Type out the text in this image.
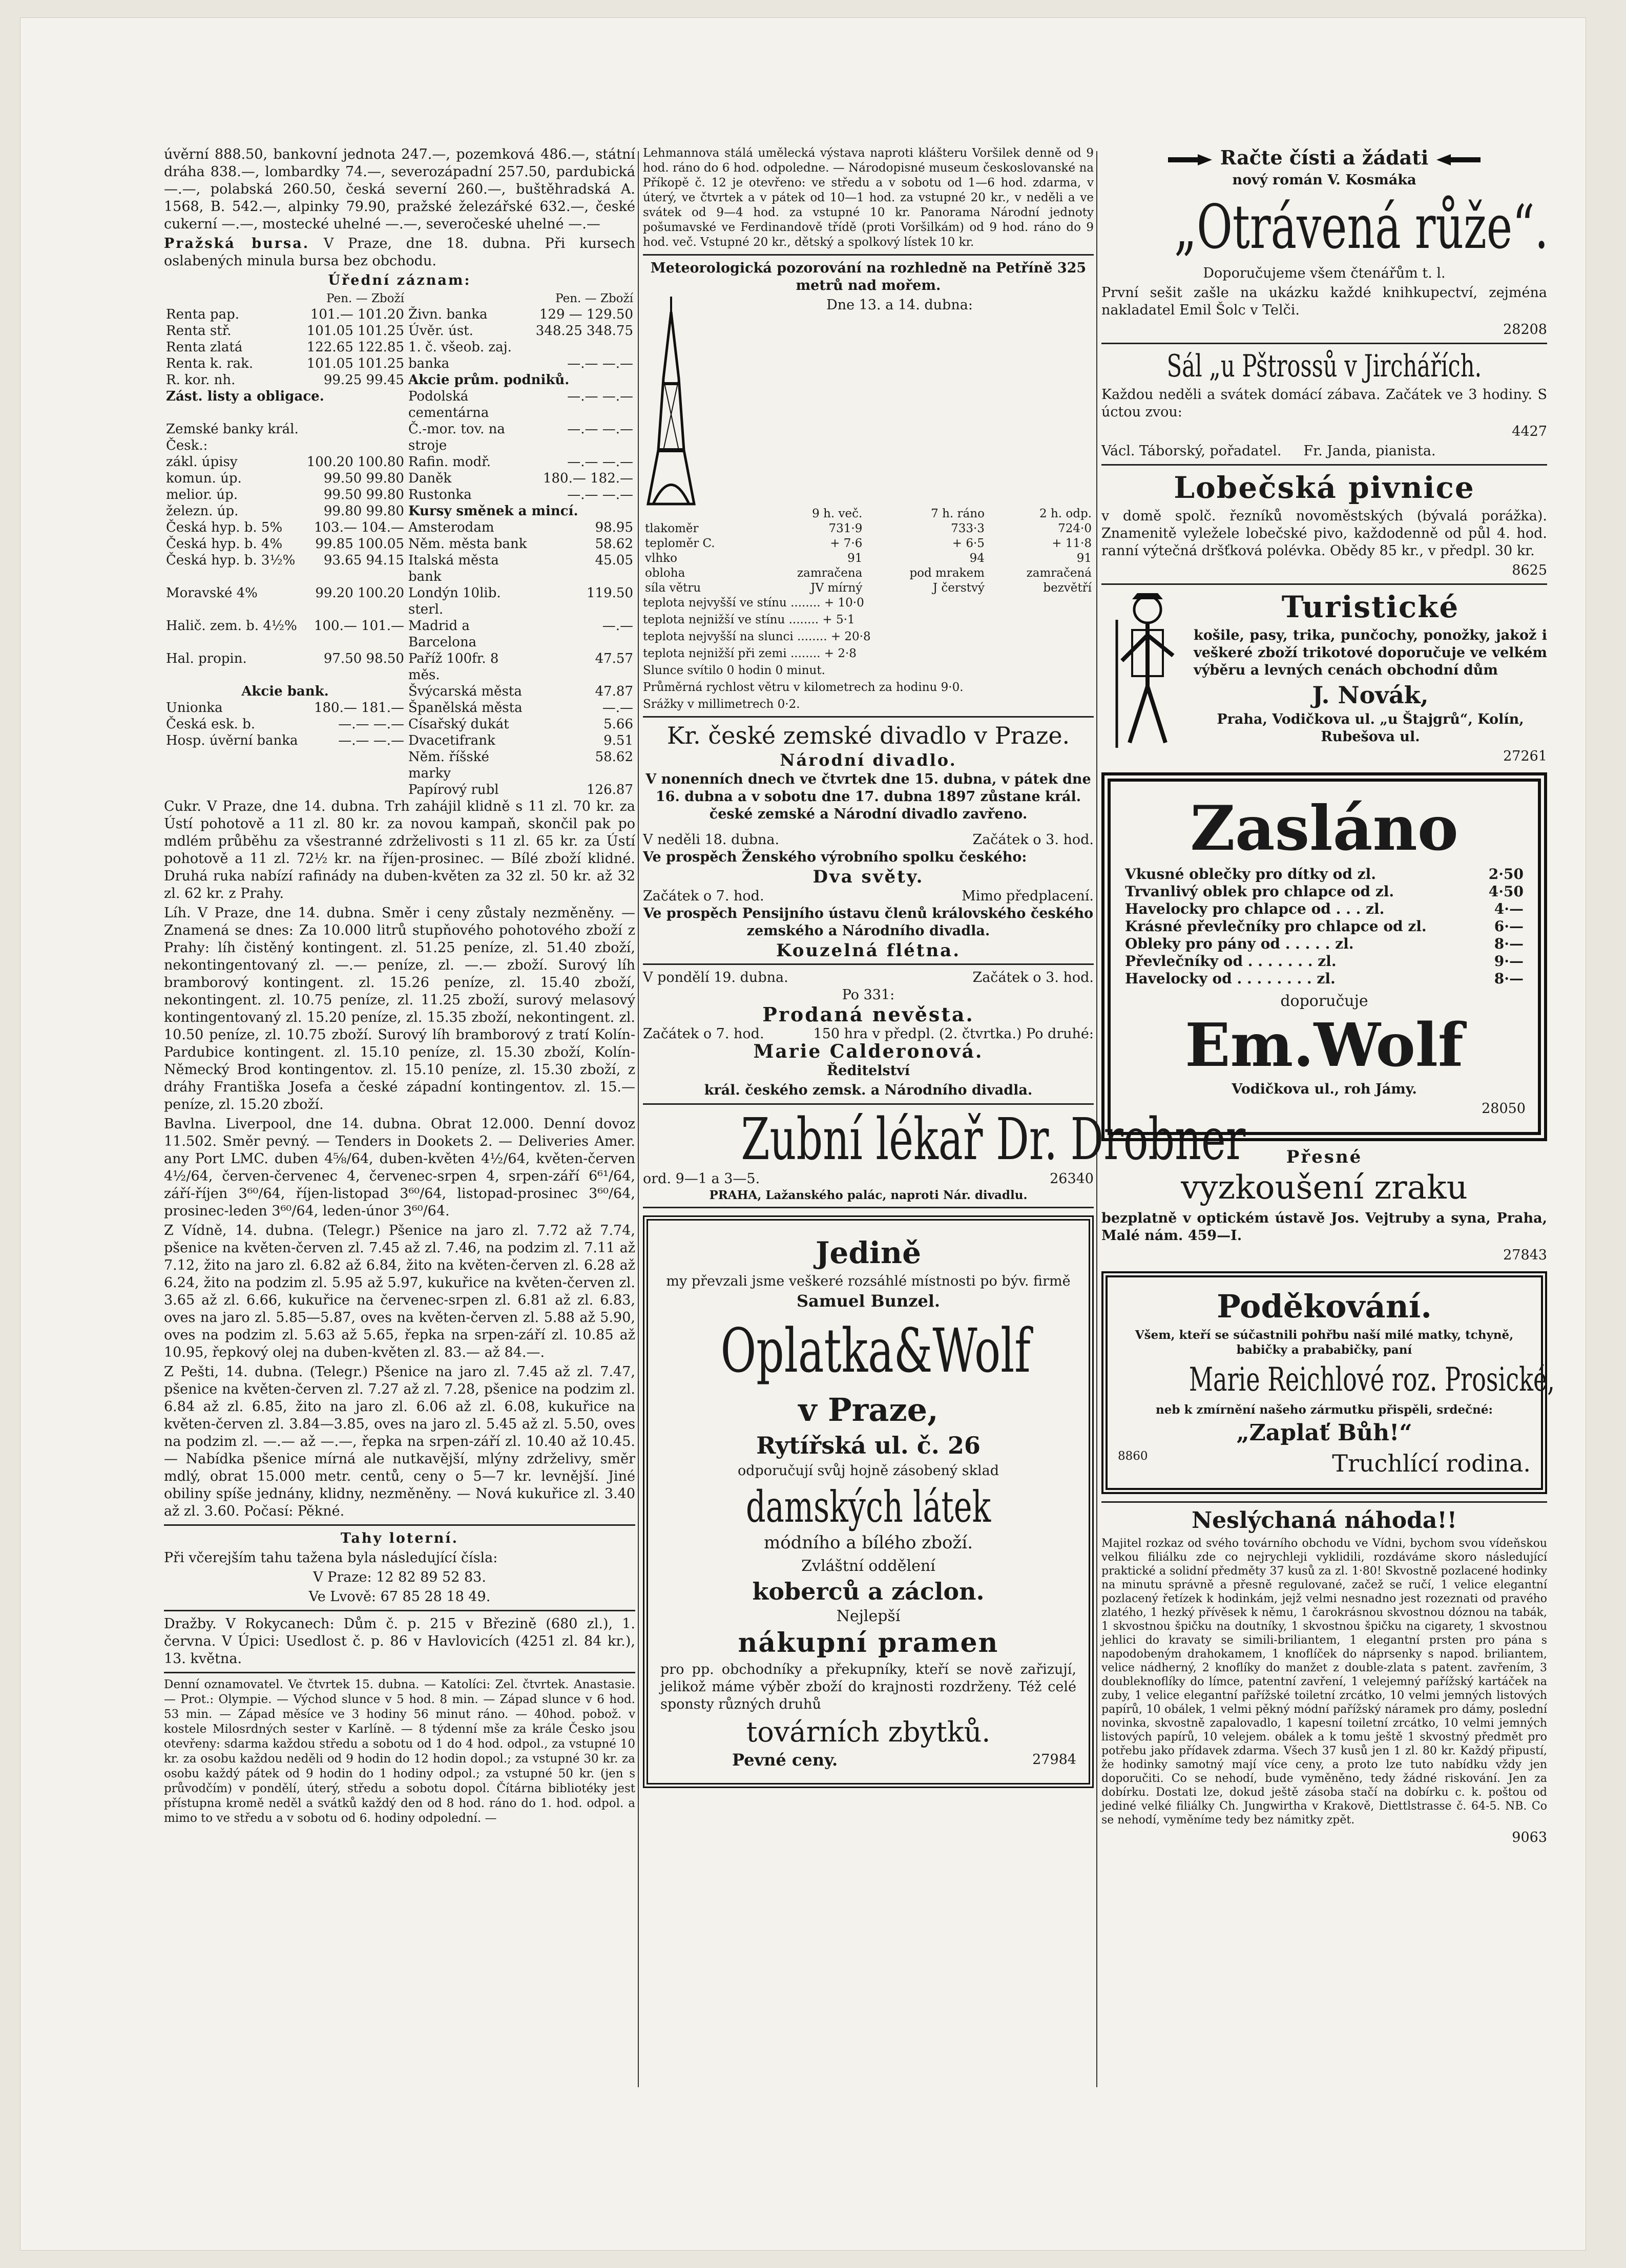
úvěrní 888.50, bankovní jednota 247.—, pozemková 486.—, státní dráha 838.—, lombardky 74.—, severozápadní 257.50, pardubická —.—, polabská 260.50, česká severní 260.—, buštěhradská A. 1568, B. 542.—, alpinky 79.90, pražské železářské 632.—, české cukerní —.—, mostecké uhelné —.—, severočeské uhelné —.—

Pražská bursa. V Praze, dne 18. dubna. Při kursech oslabených minula bursa bez obchodu.

Úřední záznam:

	Pen. — Zboží		Pen. — Zboží
Renta pap.	101.— 101.20	Živn. banka	129 — 129.50
Renta stř.	101.05 101.25	Úvěr. úst.	348.25 348.75
Renta zlatá	122.65 122.85	1. č. všeob. zaj.	
Renta k. rak.	101.05 101.25	banka	—.— —.—
R. kor. nh.	99.25 99.45	Akcie prům. podniků.	
Zást. listy a obligace.		Podolská cementárna	—.— —.—
Zemské banky král. Česk.:		Č.-mor. tov. na stroje	—.— —.—
zákl. úpisy	100.20 100.80	Rafin. modř.	—.— —.—
komun. úp.	99.50 99.80	Daněk	180.— 182.—
melior. úp.	99.50 99.80	Rustonka	—.— —.—
železn. úp.	99.80 99.80	Kursy směnek a mincí.	
Česká hyp. b. 5%	103.— 104.—	Amsterodam	98.95
Česká hyp. b. 4%	99.85 100.05	Něm. města bank	58.62
Česká hyp. b. 3½%	93.65 94.15	Italská města bank	45.05
Moravské 4%	99.20 100.20	Londýn 10lib. sterl.	119.50
Halič. zem. b. 4½%	100.— 101.—	Madrid a Barcelona	—.—
Hal. propin.	97.50 98.50	Paříž 100fr. 8 měs.	47.57
Akcie bank.		Švýcarská města	47.87
Unionka	180.— 181.—	Španělská města	—.—
Česká esk. b.	—.— —.—	Císařský dukát	5.66
Hosp. úvěrní banka	—.— —.—	Dvacetifrank	9.51
		Něm. říšské marky	58.62
		Papírový rubl	126.87

Cukr. V Praze, dne 14. dubna. Trh zahájil klidně s 11 zl. 70 kr. za Ústí pohotově a 11 zl. 80 kr. za novou kampaň, skončil pak po mdlém průběhu za všestranné zdrželivosti s 11 zl. 65 kr. za Ústí pohotově a 11 zl. 72½ kr. na říjen-prosinec. — Bílé zboží klidné. Druhá ruka nabízí rafinády na duben-květen za 32 zl. 50 kr. až 32 zl. 62 kr. z Prahy.

Líh. V Praze, dne 14. dubna. Směr i ceny zůstaly nezměněny. — Znamená se dnes: Za 10.000 litrů stupňového pohotového zboží z Prahy: líh čistěný kontingent. zl. 51.25 peníze, zl. 51.40 zboží, nekontingentovaný zl. —.— peníze, zl. —.— zboží. Surový líh bramborový kontingent. zl. 15.26 peníze, zl. 15.40 zboží, nekontingent. zl. 10.75 peníze, zl. 11.25 zboží, surový melasový kontingentovaný zl. 15.20 peníze, zl. 15.35 zboží, nekontingent. zl. 10.50 peníze, zl. 10.75 zboží. Surový líh bramborový z tratí Kolín-Pardubice kontingent. zl. 15.10 peníze, zl. 15.30 zboží, Kolín-Německý Brod kontingentov. zl. 15.10 peníze, zl. 15.30 zboží, z dráhy Františka Josefa a české západní kontingentov. zl. 15.— peníze, zl. 15.20 zboží.

Bavlna. Liverpool, dne 14. dubna. Obrat 12.000. Denní dovoz 11.502. Směr pevný. — Tenders in Dookets 2. — Deliveries Amer. any Port LMC. duben 4⅝/64, duben-květen 4½/64, květen-červen 4½/64, červen-červenec 4, červenec-srpen 4, srpen-září 6⁶¹/64, září-říjen 3⁶⁰/64, říjen-listopad 3⁶⁰/64, listopad-prosinec 3⁶⁰/64, prosinec-leden 3⁶⁰/64, leden-únor 3⁶⁰/64.

Z Vídně, 14. dubna. (Telegr.) Pšenice na jaro zl. 7.72 až 7.74, pšenice na květen-červen zl. 7.45 až zl. 7.46, na podzim zl. 7.11 až 7.12, žito na jaro zl. 6.82 až 6.84, žito na květen-červen zl. 6.28 až 6.24, žito na podzim zl. 5.95 až 5.97, kukuřice na květen-červen zl. 3.65 až zl. 6.66, kukuřice na červenec-srpen zl. 6.81 až zl. 6.83, oves na jaro zl. 5.85—5.87, oves na květen-červen zl. 5.88 až 5.90, oves na podzim zl. 5.63 až 5.65, řepka na srpen-září zl. 10.85 až 10.95, řepkový olej na duben-květen zl. 83.— až 84.—.

Z Pešti, 14. dubna. (Telegr.) Pšenice na jaro zl. 7.45 až zl. 7.47, pšenice na květen-červen zl. 7.27 až zl. 7.28, pšenice na podzim zl. 6.84 až zl. 6.85, žito na jaro zl. 6.06 až zl. 6.08, kukuřice na květen-červen zl. 3.84—3.85, oves na jaro zl. 5.45 až zl. 5.50, oves na podzim zl. —.— až —.—, řepka na srpen-září zl. 10.40 až 10.45. — Nabídka pšenice mírná ale nutkavější, mlýny zdrželivy, směr mdlý, obrat 15.000 metr. centů, ceny o 5—7 kr. levnější. Jiné obiliny spíše jednány, klidny, nezměněny. — Nová kukuřice zl. 3.40 až zl. 3.60. Počasí: Pěkné.

Tahy loterní.

Při včerejším tahu tažena byla následující čísla:

V Praze: 12 82 89 52 83.

Ve Lvově: 67 85 28 18 49.

Dražby. V Rokycanech: Dům č. p. 215 v Březině (680 zl.), 1. června. V Úpici: Usedlost č. p. 86 v Havlovicích (4251 zl. 84 kr.), 13. května.

Denní oznamovatel. Ve čtvrtek 15. dubna. — Katolíci: Zel. čtvrtek. Anastasie. — Prot.: Olympie. — Východ slunce v 5 hod. 8 min. — Západ slunce v 6 hod. 53 min. — Západ měsíce ve 3 hodiny 56 minut ráno. — 40hod. pobož. v kostele Milosrdných sester v Karlíně. — 8 týdenní mše za krále Česko jsou otevřeny: sdarma každou středu a sobotu od 1 do 4 hod. odpol., za vstupné 10 kr. za osobu každou neděli od 9 hodin do 12 hodin dopol.; za vstupné 30 kr. za osobu každý pátek od 9 hodin do 1 hodiny odpol.; za vstupné 50 kr. (jen s průvodčím) v pondělí, úterý, středu a sobotu dopol. Čítárna bibliotéky jest přístupna kromě neděl a svátků každý den od 8 hod. ráno do 1. hod. odpol. a mimo to ve středu a v sobotu od 6. hodiny odpolední. —

Lehmannova stálá umělecká výstava naproti klášteru Voršilek denně od 9 hod. ráno do 6 hod. odpoledne. — Národopisné museum českoslovanské na Příkopě č. 12 je otevřeno: ve středu a v sobotu od 1—6 hod. zdarma, v úterý, ve čtvrtek a v pátek od 10—1 hod. za vstupné 20 kr., v neděli a ve svátek od 9—4 hod. za vstupné 10 kr. Panorama Národní jednoty pošumavské ve Ferdinandově třídě (proti Voršilkám) od 9 hod. ráno do 9 hod. več. Vstupné 20 kr., dětský a spolkový lístek 10 kr.

Meteorologická pozorování na rozhledně na Petříně 325 metrů nad mořem.

Dne 13. a 14. dubna:

	9 h. več.	7 h. ráno	2 h. odp.
tlakoměr	731·9	733·3	724·0
teploměr C.	+ 7·6	+ 6·5	+ 11·8
vlhko	91	94	91
obloha	zamračena	pod mrakem	zamračená
síla větru	JV mírný	J čerstvý	bezvětří

teplota nejvyšší ve stínu ........ + 10·0

teplota nejnižší ve stínu ........ + 5·1

teplota nejvyšší na slunci ........ + 20·8

teplota nejnižší při zemi ........ + 2·8

Slunce svítilo 0 hodin 0 minut.

Průměrná rychlost větru v kilometrech za hodinu 9·0.

Srážky v millimetrech 0·2.

Kr. české zemské divadlo v Praze.

Národní divadlo.

V nonenních dnech ve čtvrtek dne 15. dubna, v pátek dne 16. dubna a v sobotu dne 17. dubna 1897 zůstane král. české zemské a Národní divadlo zavřeno.

V neděli 18. dubna.	Začátek o 3. hod.

Ve prospěch Ženského výrobního spolku českého:

Dva světy.

Začátek o 7. hod.	Mimo předplacení.

Ve prospěch Pensijního ústavu členů královského českého zemského a Národního divadla.

Kouzelná flétna.

V pondělí 19. dubna.	Začátek o 3. hod.

Po 331:

Prodaná nevěsta.

Začátek o 7. hod.	150 hra v předpl. (2. čtvrtka.) Po druhé:

Marie Calderonová.

Ředitelství

král. českého zemsk. a Národního divadla.

Zubní lékař Dr. Drobner
ord. 9—1 a 3—5.	26340

PRAHA, Lažanského palác, naproti Nár. divadlu.

Jedině

my převzali jsme veškeré rozsáhlé místnosti po býv. firmě

Samuel Bunzel.

Oplatka&Wolf

v Praze,

Rytířská ul. č. 26

odporučují svůj hojně zásobený sklad

damských látek

módního a bílého zboží.

Zvláštní oddělení

koberců a záclon.

Nejlepší

nákupní pramen

pro pp. obchodníky a překupníky, kteří se nově zařizují, jelikož máme výběr zboží do krajnosti rozdrženy. Též celé sponsty různých druhů

továrních zbytků.

Pevné ceny.	27984

Račte čísti a žádati

nový román V. Kosmáka

„Otrávená růže“.

Doporučujeme všem čtenářům t. l.

První sešit zašle na ukázku každé knihkupectví, zejména nakladatel Emil Šolc v Telči.

28208

Sál „u Pštrossů v Jirchářích.

Každou neděli a svátek domácí zábava. Začátek ve 3 hodiny. S úctou zvou:

4427

Václ. Táborský, pořadatel.     Fr. Janda, pianista.

Lobečská pivnice

v domě spolč. řezníků novoměstských (bývalá porážka). Znamenitě vyležele lobečské pivo, každodenně od půl 4. hod. ranní výtečná dršťková polévka. Obědy 85 kr., v předpl. 30 kr.

8625

Turistické

košile, pasy, trika, punčochy, ponožky, jakož i veškeré zboží trikotové doporučuje ve velkém výběru a levných cenách obchodní dům

J. Novák,

Praha, Vodičkova ul. „u Štajgrů“, Kolín, Rubešova ul.

27261

Zasláno

Vkusné oblečky pro dítky od zl.	2·50
Trvanlivý oblek pro chlapce od zl.	4·50
Havelocky pro chlapce od . . . zl.	4·—
Krásné převlečníky pro chlapce od zl.	6·—
Obleky pro pány od . . . . . zl.	8·—
Převlečníky od . . . . . . . zl.	9·—
Havelocky od . . . . . . . . zl.	8·—

doporučuje

Em.Wolf

Vodičkova ul., roh Jámy.

28050

Přesné

vyzkoušení zraku

bezplatně v optickém ústavě Jos. Vejtruby a syna, Praha, Malé nám. 459—I.

27843

Poděkování.

Všem, kteří se súčastnili pohřbu naší milé matky, tchyně, babičky a prababičky, paní

Marie Reichlové roz. Prosické,

neb k zmírnění našeho zármutku přispěli, srdečné:

„Zaplať Bůh!“

8860	Truchlící rodina.

Neslýchaná náhoda!!

Majitel rozkaz od svého továrního obchodu ve Vídni, bychom svou vídeňskou velkou filiálku zde co nejrychleji vyklidili, rozdáváme skoro následující praktické a solidní předměty 37 kusů za zl. 1·80! Skvostně pozlacené hodinky na minutu správně a přesně regulované, začež se ručí, 1 velice elegantní pozlacený řetízek k hodinkám, jejž velmi nesnadno jest rozeznati od pravého zlatého, 1 hezký přívěsek k němu, 1 čarokrásnou skvostnou dóznou na tabák, 1 skvostnou špičku na doutníky, 1 skvostnou špičku na cigarety, 1 skvostnou jehlici do kravaty se simili-briliantem, 1 elegantní prsten pro pána s napodobeným drahokamem, 1 knoflíček do náprsenky s napod. briliantem, velice nádherný, 2 knoflíky do manžet z double-zlata s patent. zavřením, 3 doubleknoflíky do límce, patentní zavření, 1 velejemný pařížský kartáček na zuby, 1 velice elegantní pařížské toiletní zrcátko, 10 velmi jemných listových papírů, 10 obálek, 1 velmi pěkný módní pařížský náramek pro dámy, poslední novinka, skvostně zapalovadlo, 1 kapesní toiletní zrcátko, 10 velmi jemných listových papírů, 10 velejem. obálek a k tomu ještě 1 skvostný předmět pro potřebu jako přídavek zdarma. Všech 37 kusů jen 1 zl. 80 kr. Každý připustí, že hodinky samotný mají více ceny, a proto lze tuto nabídku vždy jen doporučiti. Co se nehodí, bude vyměněno, tedy žádné riskování. Jen za dobírku. Dostati lze, dokud ještě zásoba stačí na dobírku c. k. poštou od jediné velké filiálky Ch. Jungwirtha v Krakově, Diettlstrasse č. 64-5. NB. Co se nehodí, vyměníme tedy bez námitky zpět.

9063
